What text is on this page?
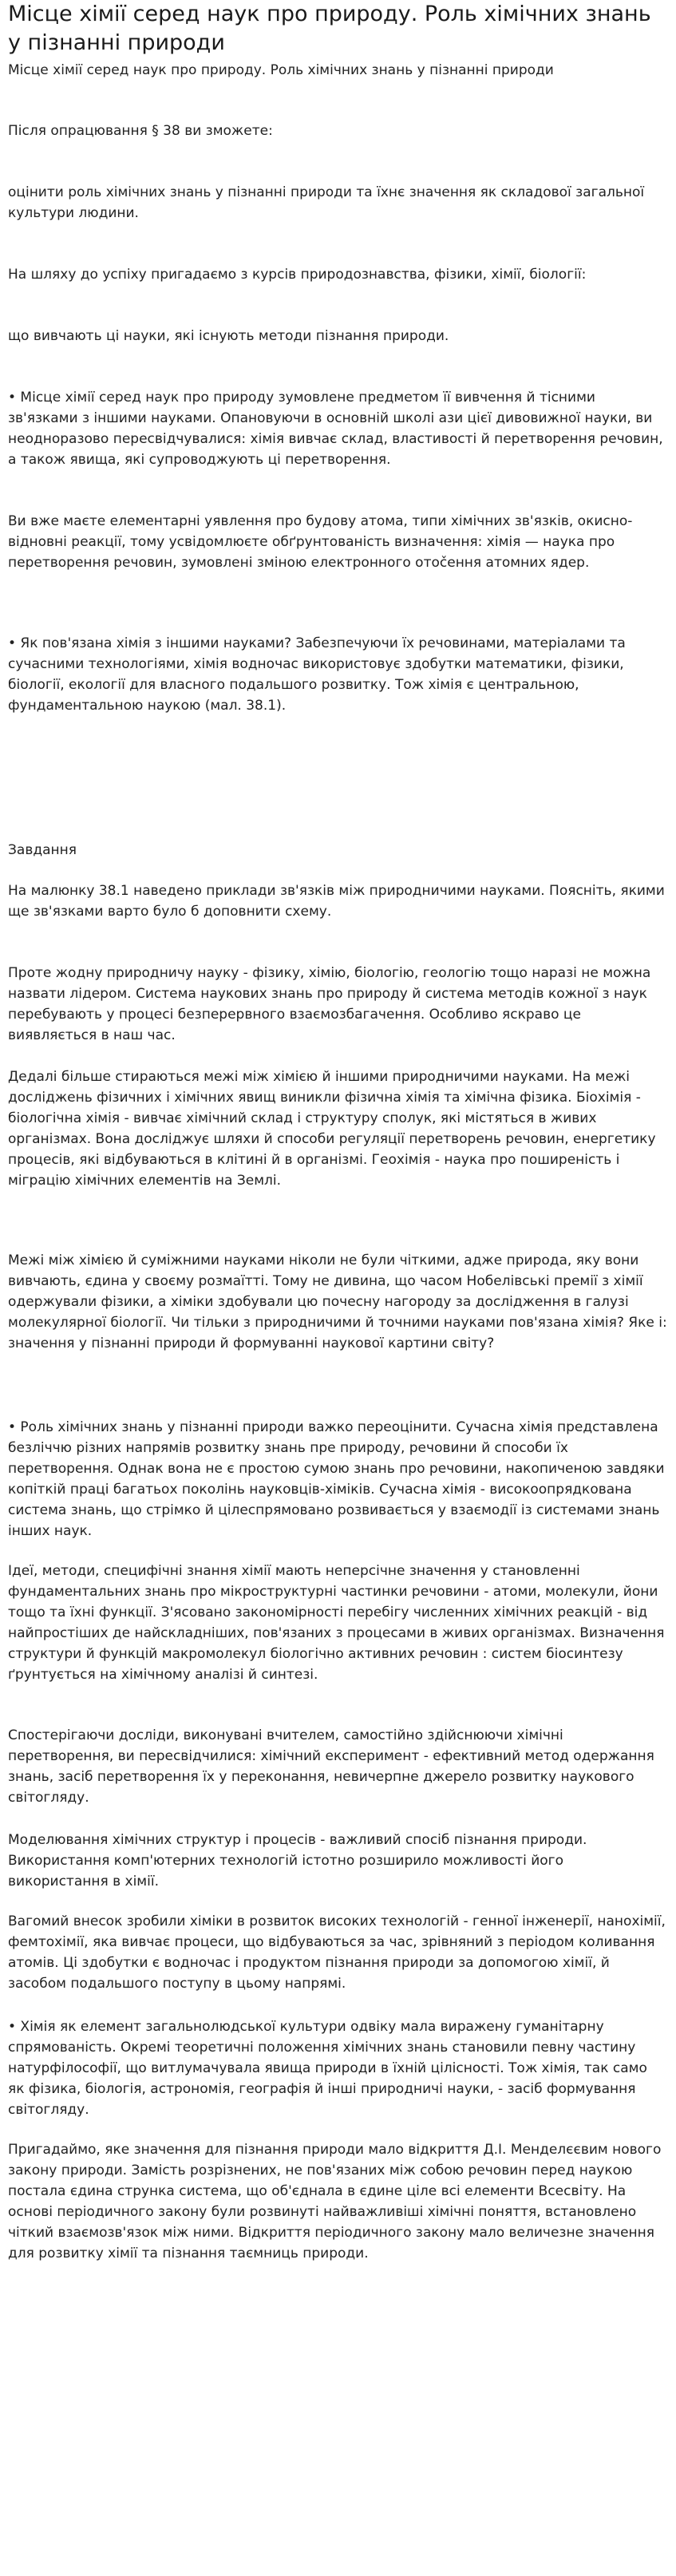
Місце хімії серед наук про природу. Роль хімічних знань у пізнанні природи

Місце хімії серед наук про природу. Роль хімічних знань у пізнанні природи

Після опрацювання § 38 ви зможете:

оцінити роль хімічних знань у пізнанні природи та їхнє значення як складової загальної культури людини.

На шляху до успіху пригадаємо з курсів природознавства, фізики, хімії, біології:

що вивчають ці науки, які існують методи пізнання природи.

• Місце хімії серед наук про природу зумовлене предметом її вивчення й тісними зв'язками з іншими науками. Опановуючи в основній школі ази цієї дивовижної науки, ви неодноразово пересвідчувалися: хімія вивчає склад, властивості й перетворення речовин, а також явища, які супроводжують ці перетворення.

Ви вже маєте елементарні уявлення про будову атома, типи хімічних зв'язків, окисно-відновні реакції, тому усвідомлюєте обґрунтованість визначення: хімія — наука про перетворення речовин, зумовлені зміною електронного отоčення атомних ядер.

• Як пов'язана хімія з іншими науками? Забезпечуючи їх речовинами, матеріалами та сучасними технологіями, хімія водночас використовує здобутки математики, фізики, біології, екології для власного подальшого розвитку. Тож хімія є центральною, фундаментальною наукою (мал. 38.1).

Завдання

На малюнку 38.1 наведено приклади зв'язків між природничими науками. Поясніть, якими ще зв'язками варто було б доповнити схему.

Проте жодну природничу науку - фізику, хімію, біологію, геологію тощо наразі не можна назвати лідером. Система наукових знань про природу й система методів кожної з наук перебувають у процесі безперервного взаємозбагачення. Особливо яскраво це виявляється в наш час.

Дедалі більше стираються межі між хімією й іншими природничими науками. На межі досліджень фізичних і хімічних явищ виникли фізична хімія та хімічна фізика. Біохімія - біологічна хімія - вивчає хімічний склад і структуру сполук, які містяться в живих організмах. Вона досліджує шляхи й способи регуляції перетворень речовин, енергетику процесів, які відбуваються в клітині й в організмі. Геохімія - наука про поширеність і міграцію хімічних елементів на Землі.

Межі між хімією й суміжними науками ніколи не були чіткими, адже природа, яку вони вивчають, єдина у своєму розмаїтті. Тому не дивина, що часом Нобелівські премії з хімії одержували фізики, а хіміки здобували цю почесну нагороду за дослідження в галузі молекулярної біології. Чи тільки з природничими й точними науками пов'язана хімія? Яке і: значення у пізнанні природи й формуванні наукової картини світу?

• Роль хімічних знань у пізнанні природи важко переоцінити. Сучасна хімія представлена безліччю різних напрямів розвитку знань пре природу, речовини й способи їх перетворення. Однак вона не є простою сумою знань про речовини, накопиченою завдяки копіткій праці багатьох поколінь науковців-хіміків. Сучасна хімія - високоопрядкована система знань, що стрімко й цілеспрямовано розвивається у взаємодії із системами знань інших наук.

Ідеї, методи, специфічні знання хімії мають неперсічне значення у становленні фундаментальних знань про мікроструктурні частинки речовини - атоми, молекули, йони тощо та їхні функції. З'ясовано закономірності перебігу численних хімічних реакцій - від найпростіших де найскладніших, пов'язаних з процесами в живих організмах. Визначення структури й функцій макромолекул біологічно активних речовин : систем біосинтезу ґрунтується на хімічному аналізі й синтезі.

Спостерігаючи досліди, виконувані вчителем, самостійно здійснюючи хімічні перетворення, ви пересвідчилися: хімічний експеримент - ефективний метод одержання знань, засіб перетворення їх у переконання, невичерпне джерело розвитку наукового світогляду.

Моделювання хімічних структур і процесів - важливий спосіб пізнання природи. Використання комп'ютерних технологій істотно розширило можливості його використання в хімії.

Вагомий внесок зробили хіміки в розвиток високих технологій - генної інженерії, нанохімії, фемтохімії, яка вивчає процеси, що відбуваються за час, зрівняний з періодом коливання атомів. Ці здобутки є водночас і продуктом пізнання природи за допомогою хімії, й засобом подальшого поступу в цьому напрямі.

• Хімія як елемент загальнолюдської культури одвіку мала виражену гуманітарну спрямованість. Окремі теоретичні положення хімічних знань становили певну частину натурфілософії, що витлумачувала явища природи в їхній цілісності. Тож хімія, так само як фізика, біологія, астрономія, географія й інші природничі науки, - засіб формування світогляду.

Пригадаймо, яке значення для пізнання природи мало відкриття Д.І. Менделєєвим нового закону природи. Замість розрізнених, не пов'язаних між собою речовин перед наукою постала єдина струнка система, що об'єднала в єдине ціле всі елементи Всесвіту. На основі періодичного закону були розвинуті найважливіші хімічні поняття, встановлено чіткий взаємозв'язок між ними. Відкриття періодичного закону мало величезне значення для розвитку хімії та пізнання таємниць природи.
